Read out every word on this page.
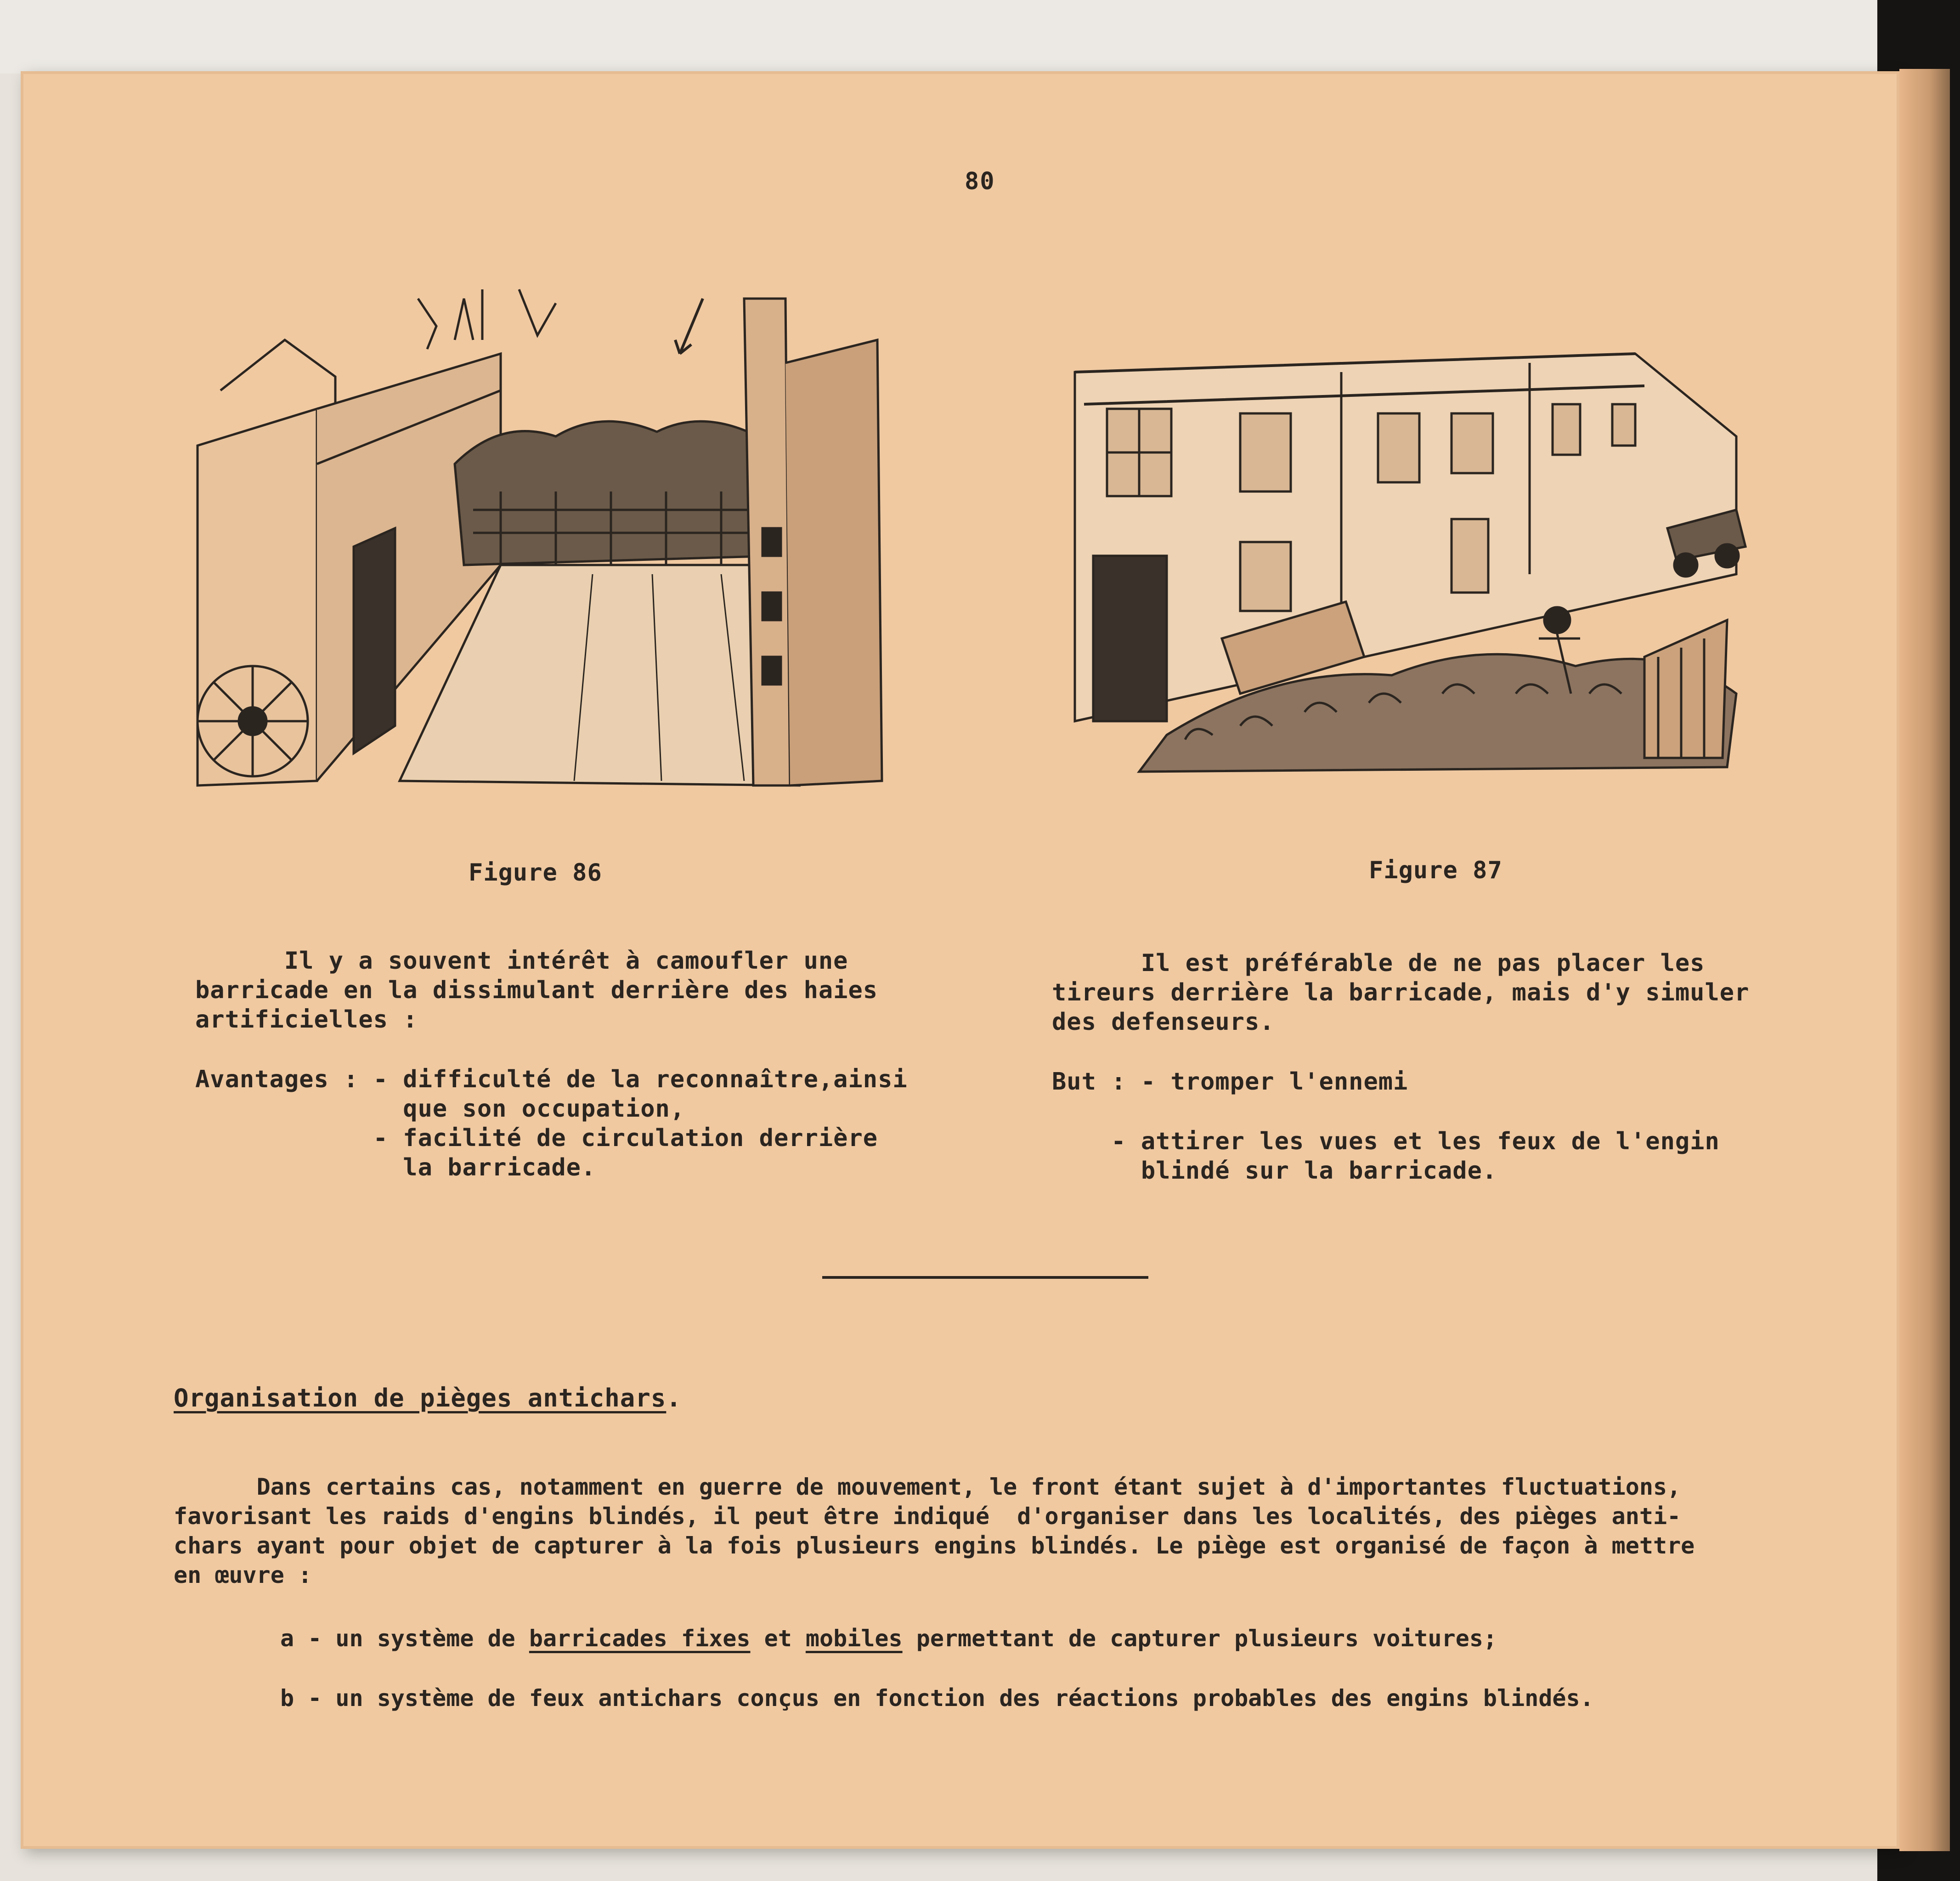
80
Figure 86	Figure 87
Il y a souvent intérêt à camoufler une
barricade en la dissimulant derrière des haies
artificielles :
Avantages : - difficulté de la reconnaître,ainsi
que son occupation,
- facilité de circulation derrière
la barricade.
Il est préférable de ne pas placer les
tireurs derrière la barricade, mais d'y simuler
des defenseurs.
But : - tromper l'ennemi
- attirer les vues et les feux de l'engin
blindé sur la barricade.
Organisation de pièges antichars.
Dans certains cas, notamment en guerre de mouvement, le front étant sujet à d'importantes fluctuations,
favorisant les raids d'engins blindés, il peut être indiqué  d'organiser dans les localités, des pièges anti-
chars ayant pour objet de capturer à la fois plusieurs engins blindés. Le piège est organisé de façon à mettre
en œuvre :
a - un système de barricades fixes et mobiles permettant de capturer plusieurs voitures;
b - un système de feux antichars conçus en fonction des réactions probables des engins blindés.
